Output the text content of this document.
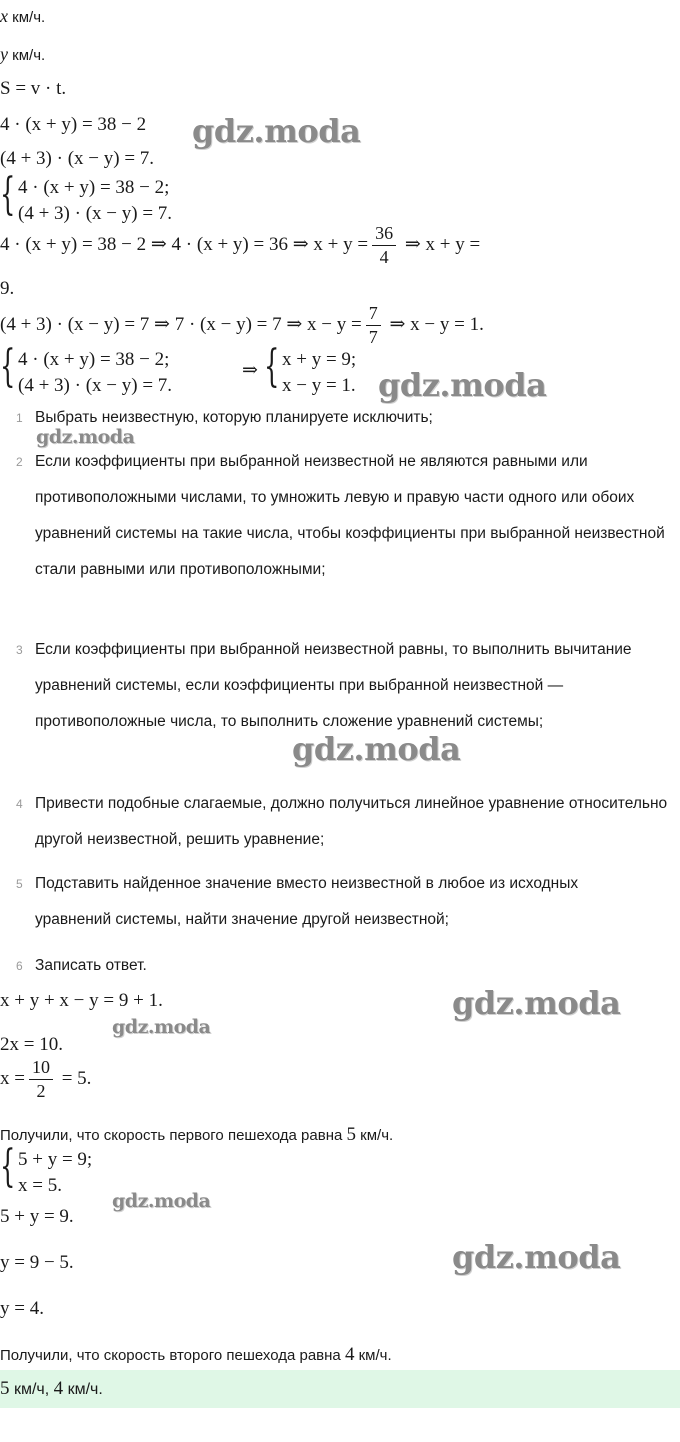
x км/ч.
y км/ч.
S = v · t.
4 · (x + y) = 38 − 2
(4 + 3) · (x − y) = 7.
{ 4 · (x + y) = 38 − 2;
(4 + 3) · (x − y) = 7.
4 · (x + y) = 38 − 2 ⇒ 4 · (x + y) = 36 ⇒ $x + y = \frac{36}{4}$ ⇒ x + y =
9.
(4 + 3) · (x − y) = 7 ⇒ 7 · (x − y) = 7 ⇒ $x - y = \frac{7}{7}$ ⇒ x − y = 1.
{ 4 · (x + y) = 38 − 2;
(4 + 3) · (x − y) = 7.
⇒ { x + y = 9;
x − y = 1.
1 Выбрать неизвестную, которую планируете исключить;
2 Если коэффициенты при выбранной неизвестной не являются равными или противоположными числами, то умножить левую и правую части одного или обоих уравнений системы на такие числа, чтобы коэффициенты при выбранной неизвестной стали равными или противоположными;
3 Если коэффициенты при выбранной неизвестной равны, то выполнить вычитание уравнений системы, если коэффициенты при выбранной неизвестной — противоположные числа, то выполнить сложение уравнений системы;
4 Привести подобные слагаемые, должно получиться линейное уравнение относительно другой неизвестной, решить уравнение;
5 Подставить найденное значение вместо неизвестной в любое из исходных уравнений системы, найти значение другой неизвестной;
6 Записать ответ.
x + y + x − y = 9 + 1.
2x = 10.
$x = \frac{10}{2} = 5$.
Получили, что скорость первого пешехода равна 5 км/ч.
{ 5 + y = 9;
x = 5.
5 + y = 9.
y = 9 − 5.
y = 4.
Получили, что скорость второго пешехода равна 4 км/ч.
5 км/ч, 4 км/ч.
gdz.moda
gdz.moda
gdz.moda
gdz.moda
gdz.moda
gdz.moda
gdz.moda
gdz.moda
